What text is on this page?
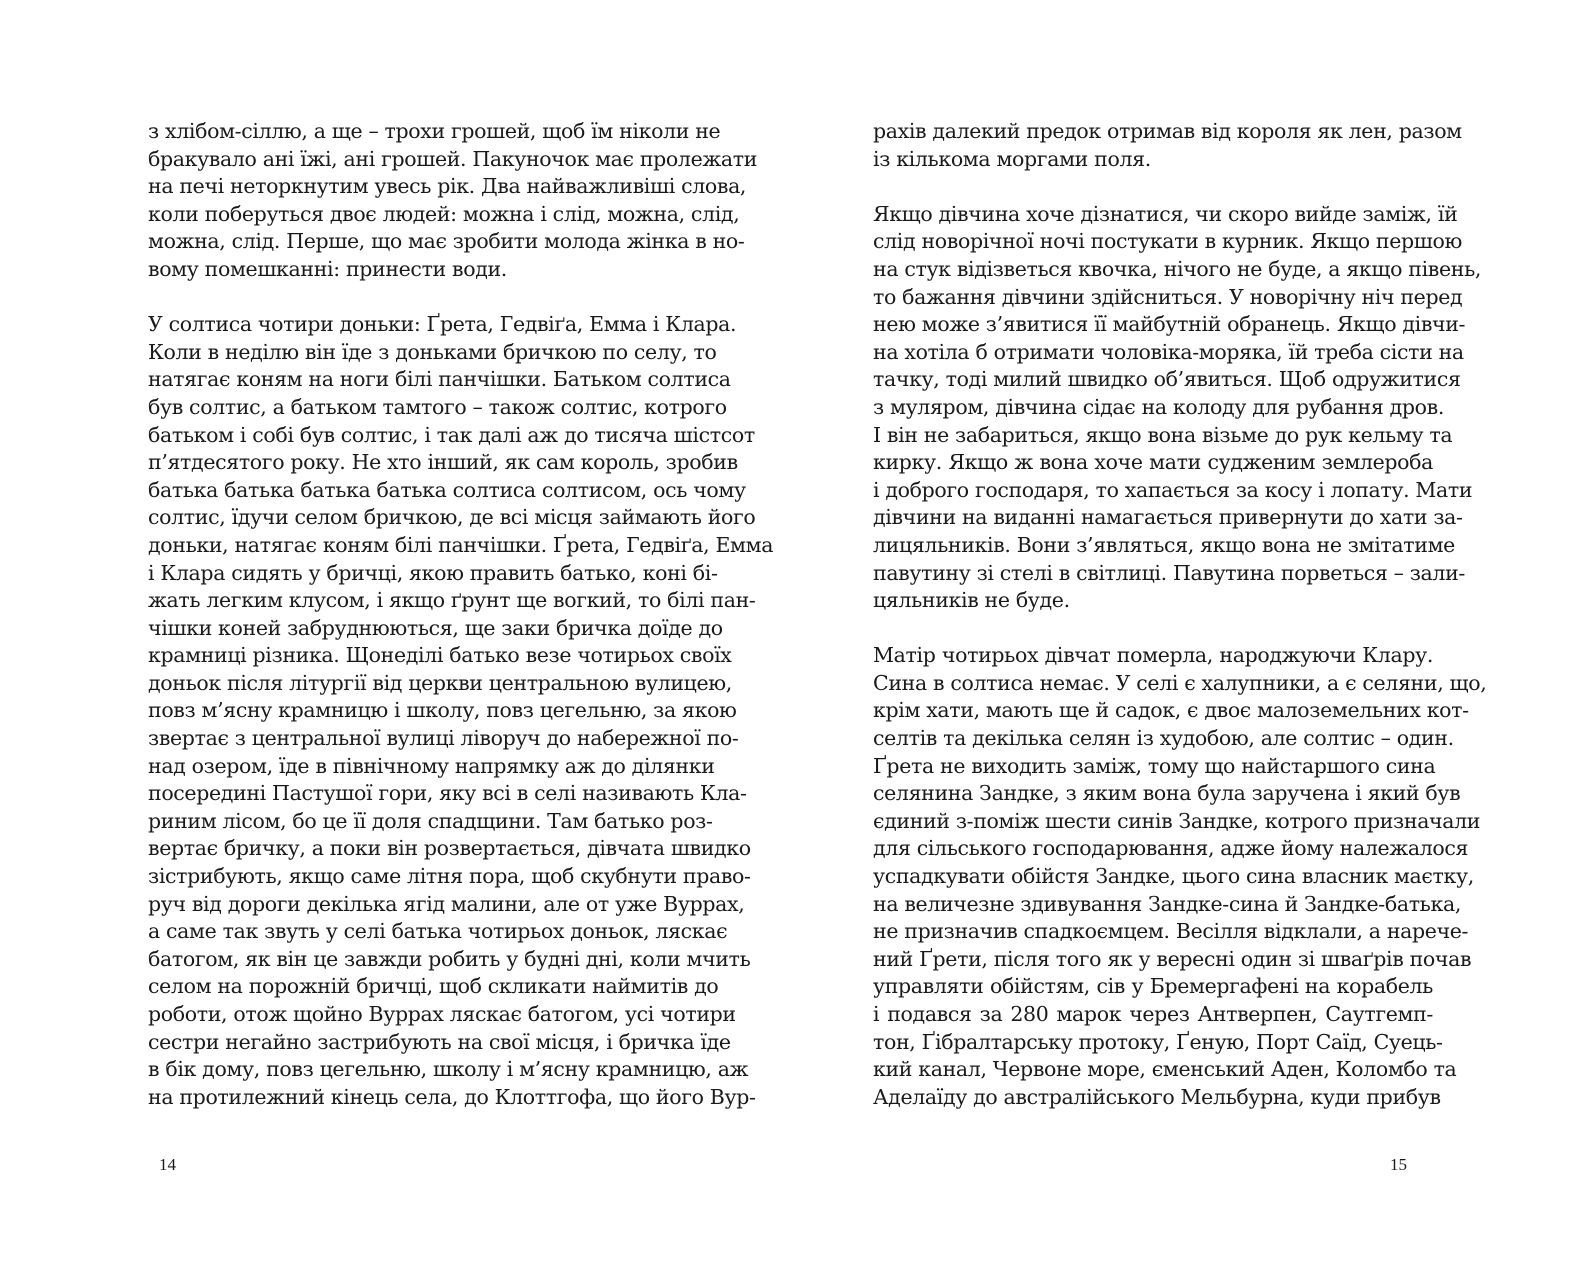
з хлібом-сіллю, а ще – трохи грошей, щоб їм ніколи не
бракувало ані їжі, ані грошей. Пакуночок має пролежати
на печі неторкнутим увесь рік. Два найважливіші слова,
коли поберуться двоє людей: можна і слід, можна, слід,
можна, слід. Перше, що має зробити молода жінка в но-
вому помешканні: принести води.
У солтиса чотири доньки: Ґрета, Гедвіґа, Емма і Клара.
Коли в неділю він їде з доньками бричкою по селу, то
натягає коням на ноги білі панчішки. Батьком солтиса
був солтис, а батьком тамтого – також солтис, котрого
батьком і собі був солтис, і так далі аж до тисяча шістсот
п’ятдесятого року. Не хто інший, як сам король, зробив
батька батька батька батька солтиса солтисом, ось чому
солтис, їдучи селом бричкою, де всі місця займають його
доньки, натягає коням білі панчішки. Ґрета, Гедвіґа, Емма
і Клара сидять у бричці, якою править батько, коні бі-
жать легким клусом, і якщо ґрунт ще вогкий, то білі пан-
чішки коней забруднюються, ще заки бричка доїде до
крамниці різника. Щонеділі батько везе чотирьох своїх
доньок після літургії від церкви центральною вулицею,
повз м’ясну крамницю і школу, повз цегельню, за якою
звертає з центральної вулиці ліворуч до набережної по-
над озером, їде в північному напрямку аж до ділянки
посередині Пастушої гори, яку всі в селі називають Кла-
риним лісом, бо це її доля спадщини. Там батько роз-
вертає бричку, а поки він розвертається, дівчата швидко
зістрибують, якщо саме літня пора, щоб скубнути право-
руч від дороги декілька ягід малини, але от уже Вуррах,
а саме так звуть у селі батька чотирьох доньок, ляскає
батогом, як він це завжди робить у будні дні, коли мчить
селом на порожній бричці, щоб скликати наймитів до
роботи, отож щойно Вуррах ляскає батогом, усі чотири
сестри негайно застрибують на свої місця, і бричка їде
в бік дому, повз цегельню, школу і м’ясну крамницю, аж
на протилежний кінець села, до Клоттгофа, що його Вур-
рахів далекий предок отримав від короля як лен, разом
із кількома моргами поля.
Якщо дівчина хоче дізнатися, чи скоро вийде заміж, їй
слід новорічної ночі постукати в курник. Якщо першою
на стук відізветься квочка, нічого не буде, а якщо півень,
то бажання дівчини здійсниться. У новорічну ніч перед
нею може з’явитися її майбутній обранець. Якщо дівчи-
на хотіла б отримати чоловіка-моряка, їй треба сісти на
тачку, тоді милий швидко об’явиться. Щоб одружитися
з муляром, дівчина сідає на колоду для рубання дров.
І він не забариться, якщо вона візьме до рук кельму та
кирку. Якщо ж вона хоче мати судженим землероба
і доброго господаря, то хапається за косу і лопату. Мати
дівчини на виданні намагається привернути до хати за-
лицяльників. Вони з’являться, якщо вона не змітатиме
павутину зі стелі в світлиці. Павутина порветься – зали-
цяльників не буде.
Матір чотирьох дівчат померла, народжуючи Клару.
Сина в солтиса немає. У селі є халупники, а є селяни, що,
крім хати, мають ще й садок, є двоє малоземельних кот-
селтів та декілька селян із худобою, але солтис – один.
Ґрета не виходить заміж, тому що найстаршого сина
селянина Зандке, з яким вона була заручена і який був
єдиний з-поміж шести синів Зандке, котрого призначали
для сільського господарювання, адже йому належалося
успадкувати обійстя Зандке, цього сина власник маєтку,
на величезне здивування Зандке-сина й Зандке-батька,
не призначив спадкоємцем. Весілля відклали, а нарече-
ний Ґрети, після того як у вересні один зі шваґрів почав
управляти обійстям, сів у Бремергафені на корабель
і подався за 280 марок через Антверпен, Саутгемп-
тон, Ґібралтарську протоку, Ґеную, Порт Саїд, Суець-
кий канал, Червоне море, єменський Аден, Коломбо та
Аделаїду до австралійського Мельбурна, куди прибув
14	15
